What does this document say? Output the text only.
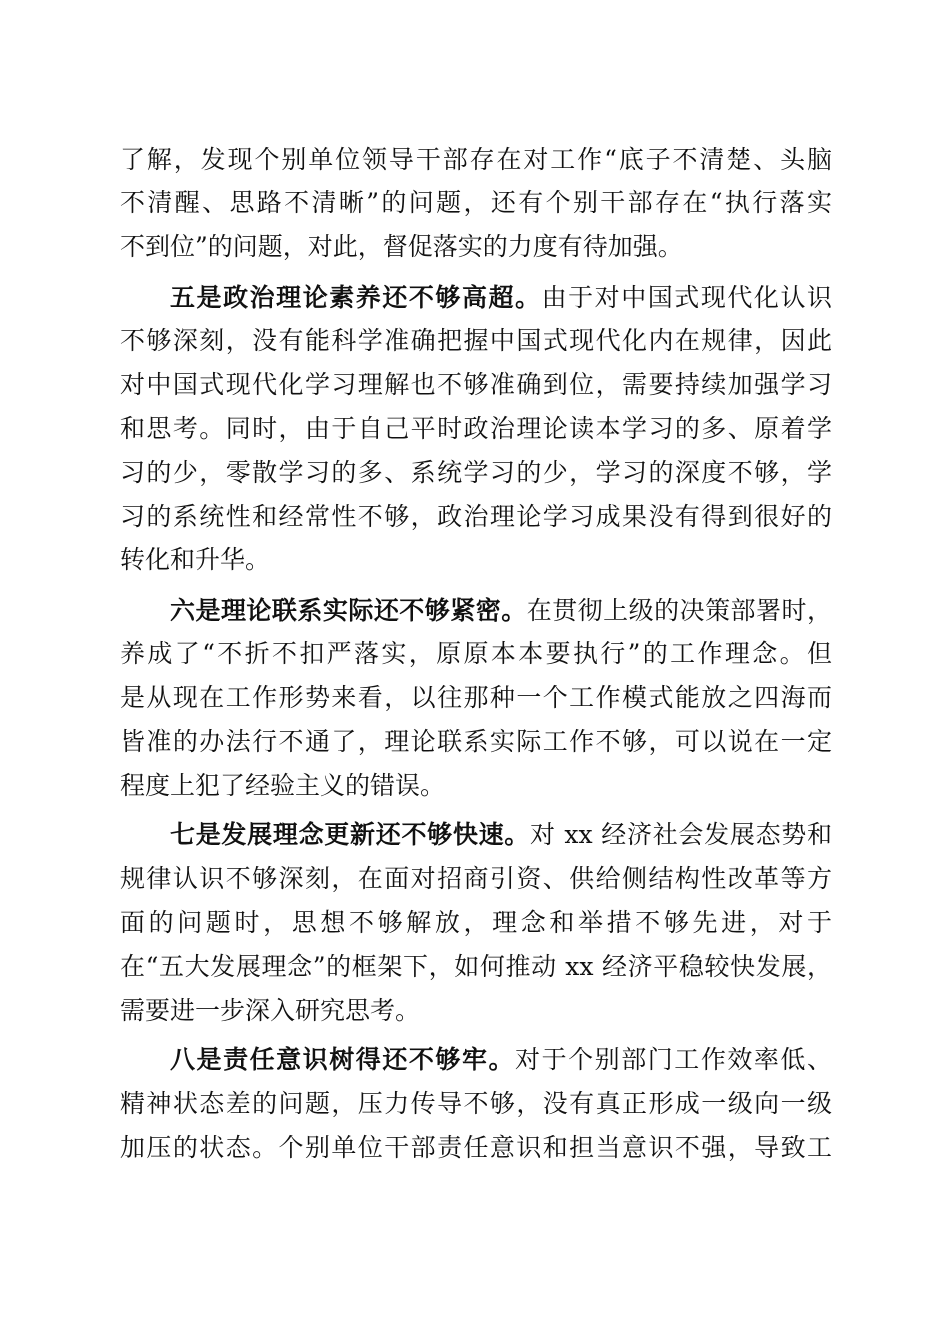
了解，发现个别单位领导干部存在对工作“底子不清楚、头脑
不清醒、思路不清晰”的问题，还有个别干部存在“执行落实
不到位”的问题，对此，督促落实的力度有待加强。
五是政治理论素养还不够高超。由于对中国式现代化认识
不够深刻，没有能科学准确把握中国式现代化内在规律，因此
对中国式现代化学习理解也不够准确到位，需要持续加强学习
和思考。同时，由于自己平时政治理论读本学习的多、原着学
习的少，零散学习的多、系统学习的少，学习的深度不够，学
习的系统性和经常性不够，政治理论学习成果没有得到很好的
转化和升华。
六是理论联系实际还不够紧密。在贯彻上级的决策部署时，
养成了“不折不扣严落实，原原本本要执行”的工作理念。但
是从现在工作形势来看，以往那种一个工作模式能放之四海而
皆准的办法行不通了，理论联系实际工作不够，可以说在一定
程度上犯了经验主义的错误。
七是发展理念更新还不够快速。对 xx 经济社会发展态势和
规律认识不够深刻，在面对招商引资、供给侧结构性改革等方
面的问题时，思想不够解放，理念和举措不够先进，对于
在“五大发展理念”的框架下，如何推动 xx 经济平稳较快发展，
需要进一步深入研究思考。
八是责任意识树得还不够牢。对于个别部门工作效率低、
精神状态差的问题，压力传导不够，没有真正形成一级向一级
加压的状态。个别单位干部责任意识和担当意识不强，导致工
